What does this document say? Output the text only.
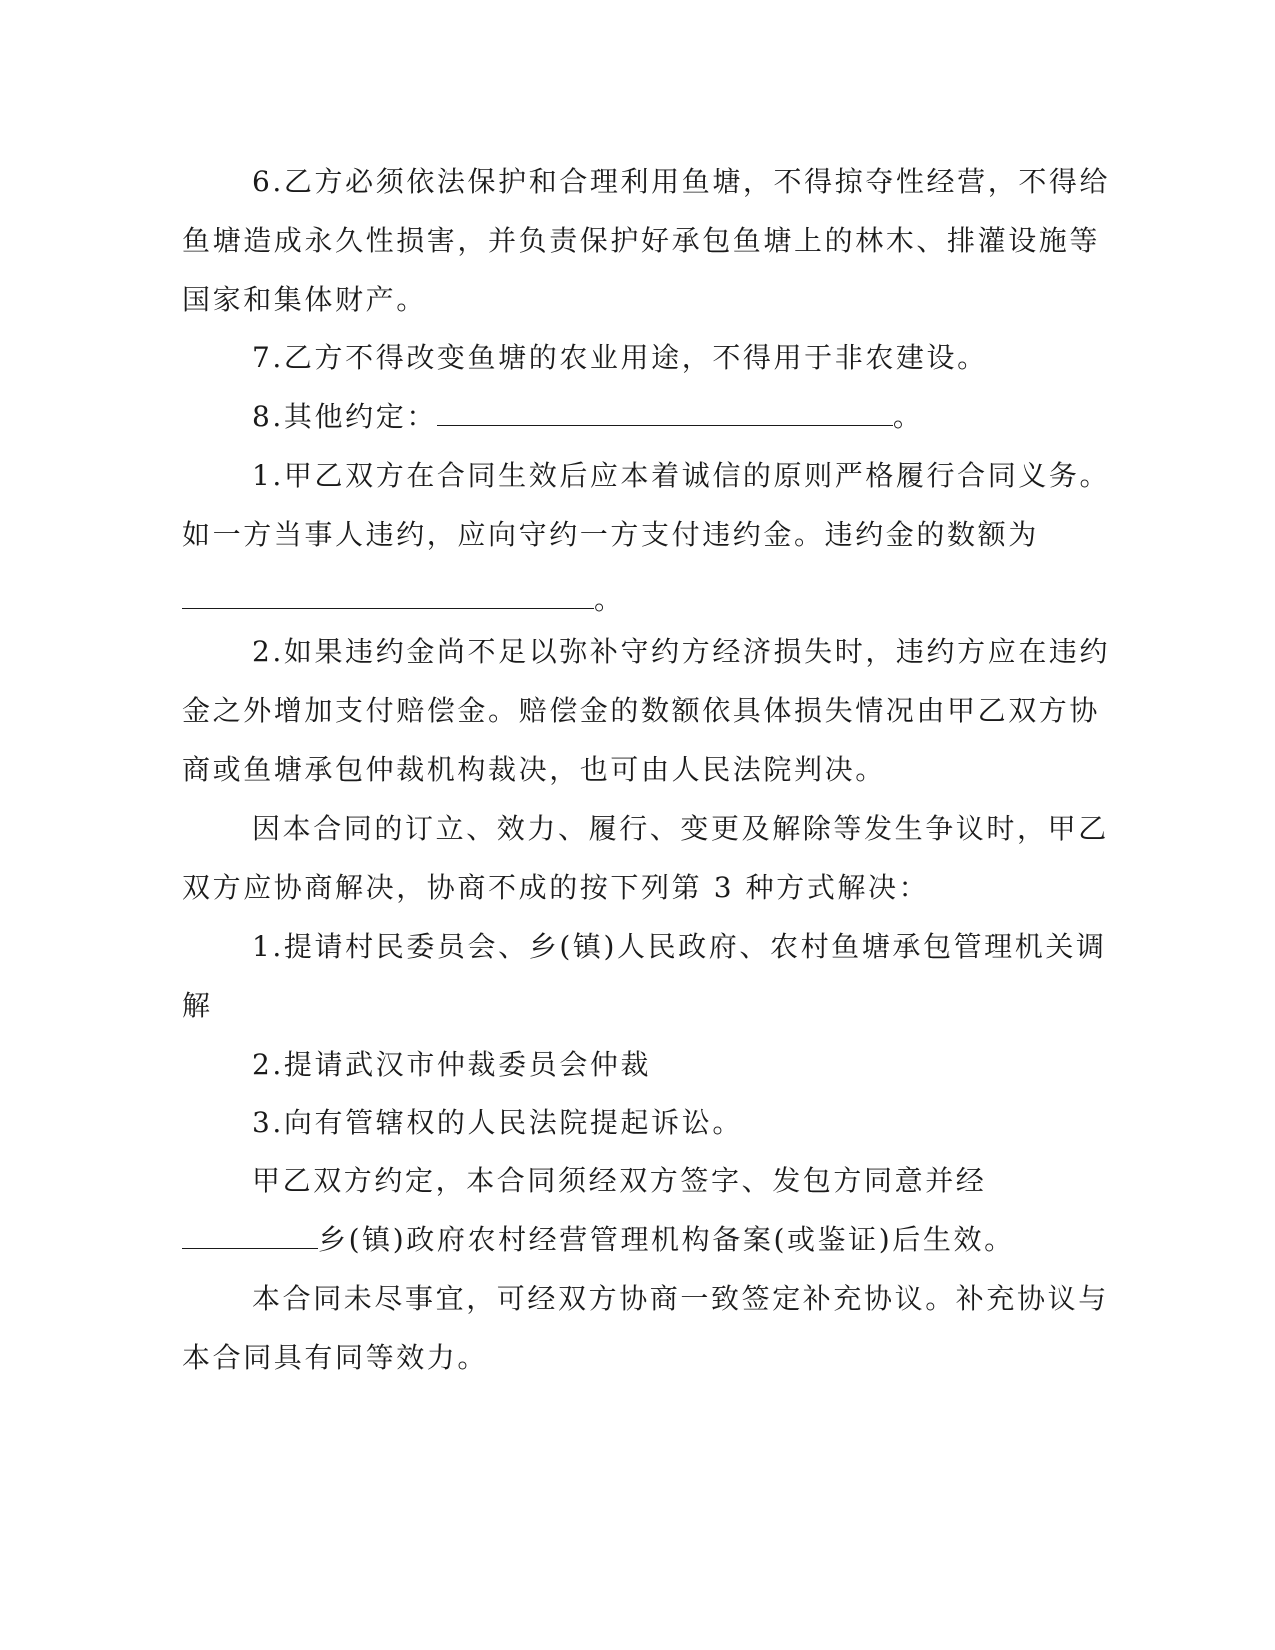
6.乙方必须依法保护和合理利用鱼塘，不得掠夺性经营，不得给
鱼塘造成永久性损害，并负责保护好承包鱼塘上的林木、排灌设施等
国家和集体财产。
7.乙方不得改变鱼塘的农业用途，不得用于非农建设。
8.其他约定：	。
1.甲乙双方在合同生效后应本着诚信的原则严格履行合同义务。
如一方当事人违约，应向守约一方支付违约金。违约金的数额为
。
2.如果违约金尚不足以弥补守约方经济损失时，违约方应在违约
金之外增加支付赔偿金。赔偿金的数额依具体损失情况由甲乙双方协
商或鱼塘承包仲裁机构裁决，也可由人民法院判决。
因本合同的订立、效力、履行、变更及解除等发生争议时，甲乙
双方应协商解决，协商不成的按下列第 3 种方式解决：
1.提请村民委员会、乡(镇)人民政府、农村鱼塘承包管理机关调
解
2.提请武汉市仲裁委员会仲裁
3.向有管辖权的人民法院提起诉讼。
甲乙双方约定，本合同须经双方签字、发包方同意并经
乡(镇)政府农村经营管理机构备案(或鉴证)后生效。
本合同未尽事宜，可经双方协商一致签定补充协议。补充协议与
本合同具有同等效力。
